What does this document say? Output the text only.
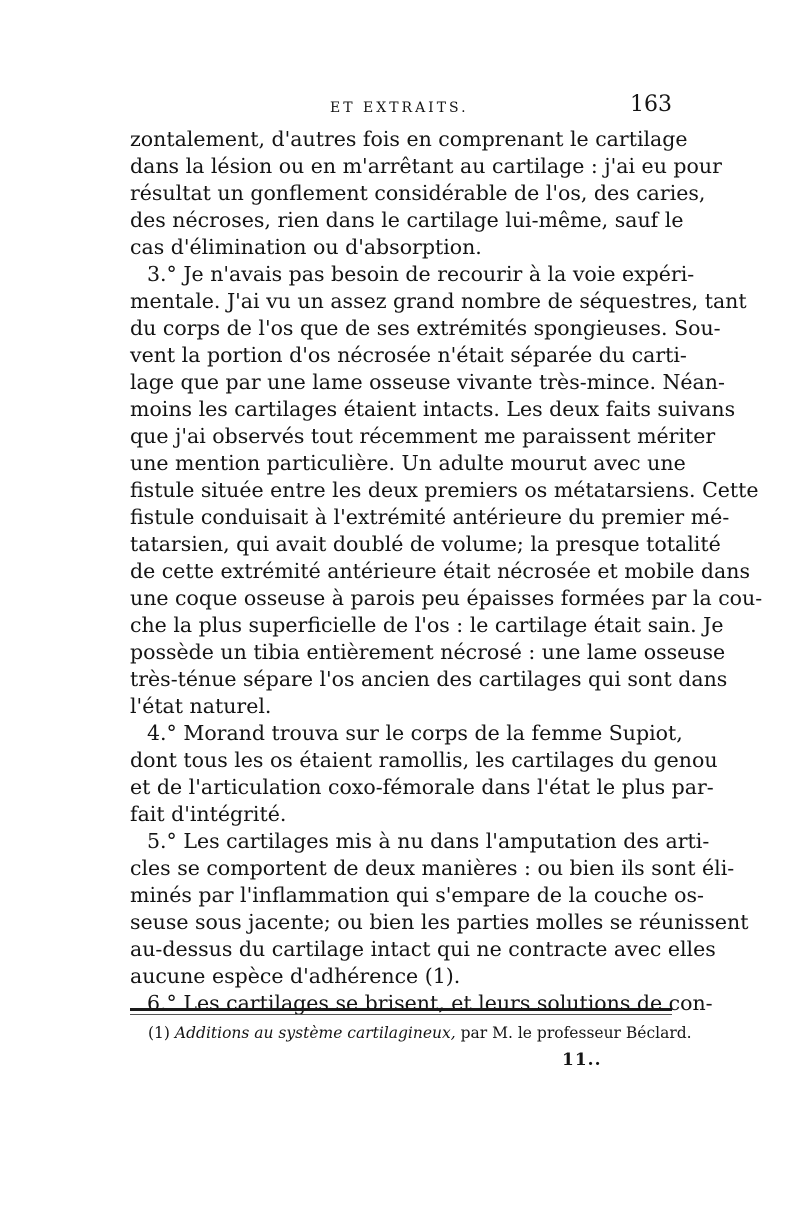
ET EXTRAITS.	163
zontalement, d'autres fois en comprenant le cartilage
dans la lésion ou en m'arrêtant au cartilage : j'ai eu pour
résultat un gonflement considérable de l'os, des caries,
des nécroses, rien dans le cartilage lui-même, sauf le
cas d'élimination ou d'absorption.
3.° Je n'avais pas besoin de recourir à la voie expéri-
mentale. J'ai vu un assez grand nombre de séquestres, tant
du corps de l'os que de ses extrémités spongieuses. Sou-
vent la portion d'os nécrosée n'était séparée du carti-
lage que par une lame osseuse vivante très-mince. Néan-
moins les cartilages étaient intacts. Les deux faits suivans
que j'ai observés tout récemment me paraissent mériter
une mention particulière. Un adulte mourut avec une
fistule située entre les deux premiers os métatarsiens. Cette
fistule conduisait à l'extrémité antérieure du premier mé-
tatarsien, qui avait doublé de volume; la presque totalité
de cette extrémité antérieure était nécrosée et mobile dans
une coque osseuse à parois peu épaisses formées par la cou-
che la plus superficielle de l'os : le cartilage était sain. Je
possède un tibia entièrement nécrosé : une lame osseuse
très-ténue sépare l'os ancien des cartilages qui sont dans
l'état naturel.
4.° Morand trouva sur le corps de la femme Supiot,
dont tous les os étaient ramollis, les cartilages du genou
et de l'articulation coxo-fémorale dans l'état le plus par-
fait d'intégrité.
5.° Les cartilages mis à nu dans l'amputation des arti-
cles se comportent de deux manières : ou bien ils sont éli-
minés par l'inflammation qui s'empare de la couche os-
seuse sous jacente; ou bien les parties molles se réunissent
au-dessus du cartilage intact qui ne contracte avec elles
aucune espèce d'adhérence (1).
6.° Les cartilages se brisent, et leurs solutions de con-
(1) Additions au système cartilagineux, par M. le professeur Béclard.
11..
